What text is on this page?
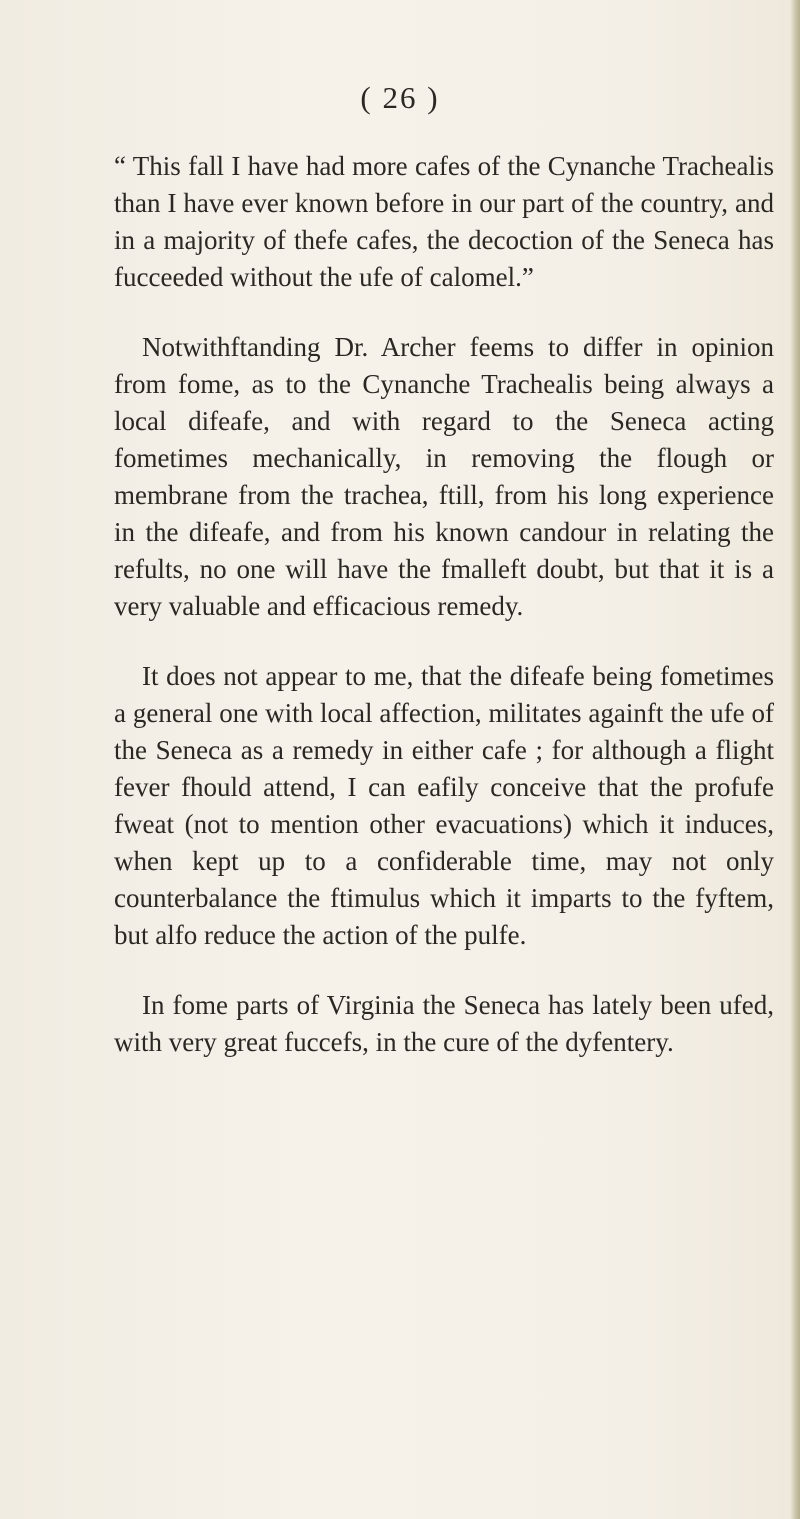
( 26 )

“ This fall I have had more cafes of the Cynanche Trachealis than I have ever known before in our part of the country, and in a majority of thefe cafes, the decoction of the Seneca has fucceeded without the ufe of calomel.”

Notwithftanding Dr. Archer feems to differ in opinion from fome, as to the Cynanche Trachealis being always a local difeafe, and with regard to the Seneca acting fometimes mechanically, in removing the flough or membrane from the trachea, ftill, from his long experience in the difeafe, and from his known candour in relating the refults, no one will have the fmalleft doubt, but that it is a very valuable and efficacious remedy.

It does not appear to me, that the difeafe being fometimes a general one with local affection, militates againft the ufe of the Seneca as a remedy in either cafe ; for although a flight fever fhould attend, I can eafily conceive that the profufe fweat (not to mention other evacuations) which it induces, when kept up to a confiderable time, may not only counterbalance the ftimulus which it imparts to the fyftem, but alfo reduce the action of the pulfe.

In fome parts of Virginia the Seneca has lately been ufed, with very great fuccefs, in the cure of the dyfentery.
